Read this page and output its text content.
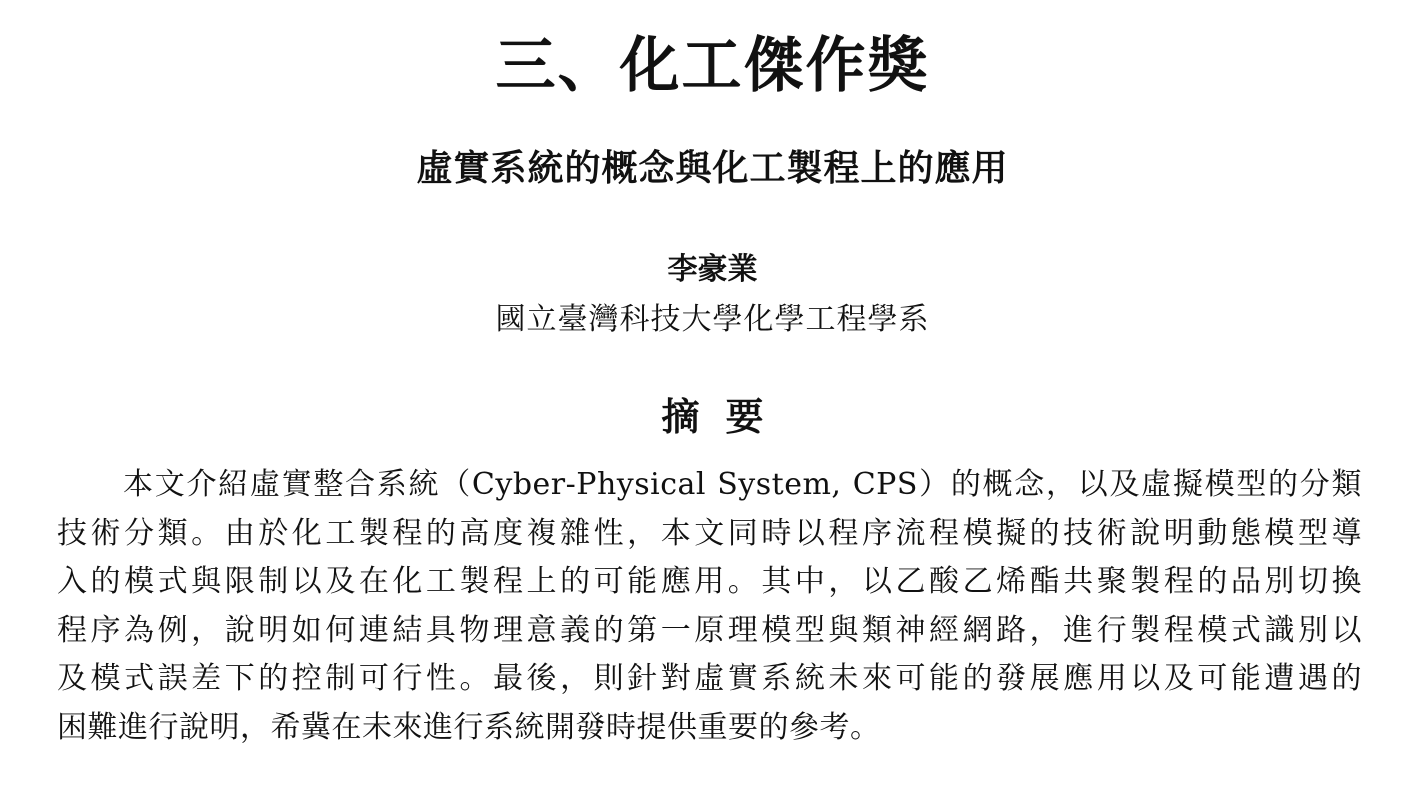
三、化工傑作獎
虛實系統的概念與化工製程上的應用
李豪業
國立臺灣科技大學化學工程學系
摘要
本文介紹虛實整合系統（Cyber-Physical System, CPS）的概念，以及虛擬模型的分類
技術分類。由於化工製程的高度複雜性，本文同時以程序流程模擬的技術說明動態模型導
入的模式與限制以及在化工製程上的可能應用。其中，以乙酸乙烯酯共聚製程的品別切換
程序為例，說明如何連結具物理意義的第一原理模型與類神經網路，進行製程模式識別以
及模式誤差下的控制可行性。最後，則針對虛實系統未來可能的發展應用以及可能遭遇的
困難進行說明，希冀在未來進行系統開發時提供重要的參考。
